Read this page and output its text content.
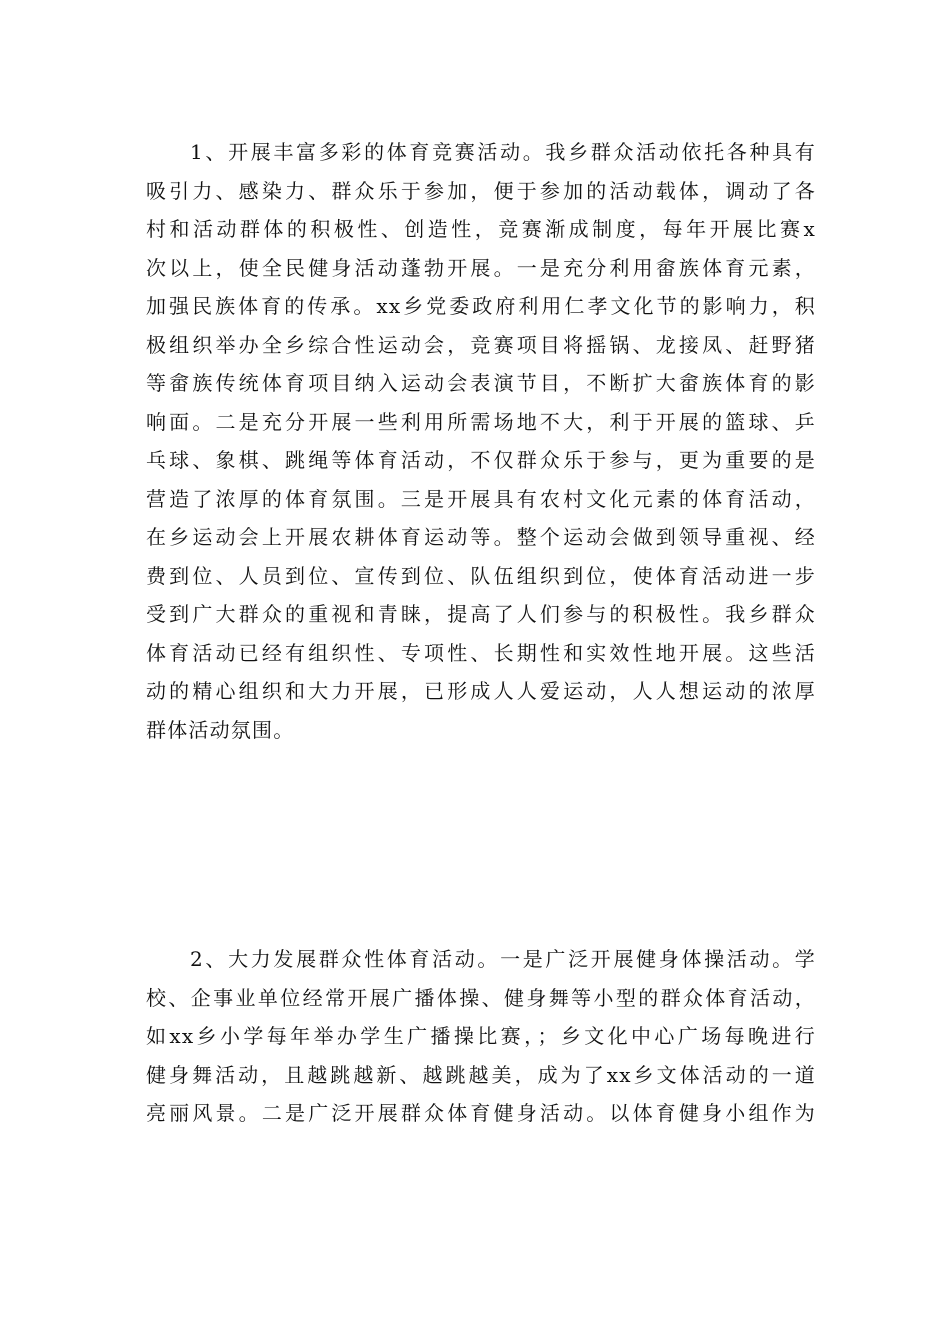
1、开展丰富多彩的体育竞赛活动。我乡群众活动依托各种具有
吸引力、感染力、群众乐于参加，便于参加的活动载体，调动了各
村和活动群体的积极性、创造性，竞赛渐成制度，每年开展比赛x
次以上，使全民健身活动蓬勃开展。一是充分利用畲族体育元素，
加强民族体育的传承。xx乡党委政府利用仁孝文化节的影响力，积
极组织举办全乡综合性运动会，竞赛项目将摇锅、龙接凤、赶野猪
等畲族传统体育项目纳入运动会表演节目，不断扩大畲族体育的影
响面。二是充分开展一些利用所需场地不大，利于开展的篮球、乒
乓球、象棋、跳绳等体育活动，不仅群众乐于参与，更为重要的是
营造了浓厚的体育氛围。三是开展具有农村文化元素的体育活动，
在乡运动会上开展农耕体育运动等。整个运动会做到领导重视、经
费到位、人员到位、宣传到位、队伍组织到位，使体育活动进一步
受到广大群众的重视和青睐，提高了人们参与的积极性。我乡群众
体育活动已经有组织性、专项性、长期性和实效性地开展。这些活
动的精心组织和大力开展，已形成人人爱运动，人人想运动的浓厚
群体活动氛围。
2、大力发展群众性体育活动。一是广泛开展健身体操活动。学
校、企事业单位经常开展广播体操、健身舞等小型的群众体育活动，
如xx乡小学每年举办学生广播操比赛，；乡文化中心广场每晚进行
健身舞活动，且越跳越新、越跳越美，成为了xx乡文体活动的一道
亮丽风景。二是广泛开展群众体育健身活动。以体育健身小组作为
